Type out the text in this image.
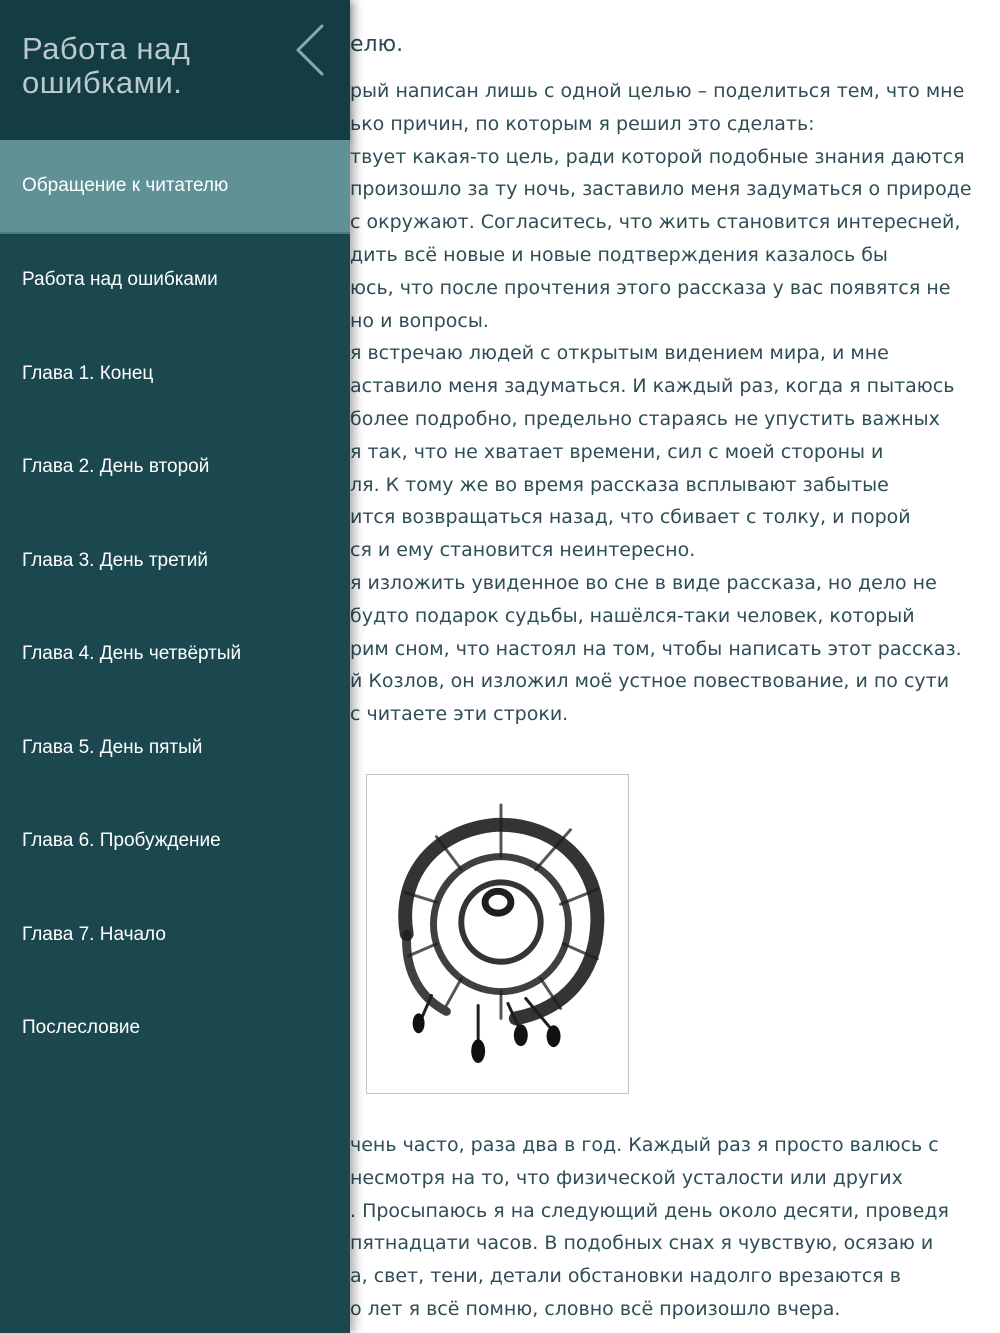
елю.
рый написан лишь с одной целью – поделиться тем, что мне
ько причин, по которым я решил это сделать:
твует какая-то цель, ради которой подобные знания даются
произошло за ту ночь, заставило меня задуматься о природе
с окружают. Согласитесь, что жить становится интересней,
дить всё новые и новые подтверждения казалось бы
юсь, что после прочтения этого рассказа у вас появятся не
но и вопросы.
я встречаю людей с открытым видением мира, и мне
аставило меня задуматься. И каждый раз, когда я пытаюсь
более подробно, предельно стараясь не упустить важных
я так, что не хватает времени, сил с моей стороны и
ля. К тому же во время рассказа всплывают забытые
ится возвращаться назад, что сбивает с толку, и порой
ся и ему становится неинтересно.
я изложить увиденное во сне в виде рассказа, но дело не
будто подарок судьбы, нашёлся-таки человек, который
рим сном, что настоял на том, чтобы написать этот рассказ.
й Козлов, он изложил моё устное повествование, и по сути
с читаете эти строки.
чень часто, раза два в год. Каждый раз я просто валюсь с
несмотря на то, что физической усталости или других
. Просыпаюсь я на следующий день около десяти, проведя
пятнадцати часов. В подобных снах я чувствую, осязаю и
а, свет, тени, детали обстановки надолго врезаются в
о лет я всё помню, словно всё произошло вчера.
Работа над ошибками.
Обращение к читателю
Работа над ошибками
Глава 1. Конец
Глава 2. День второй
Глава 3. День третий
Глава 4. День четвёртый
Глава 5. День пятый
Глава 6. Пробуждение
Глава 7. Начало
Послесловие
